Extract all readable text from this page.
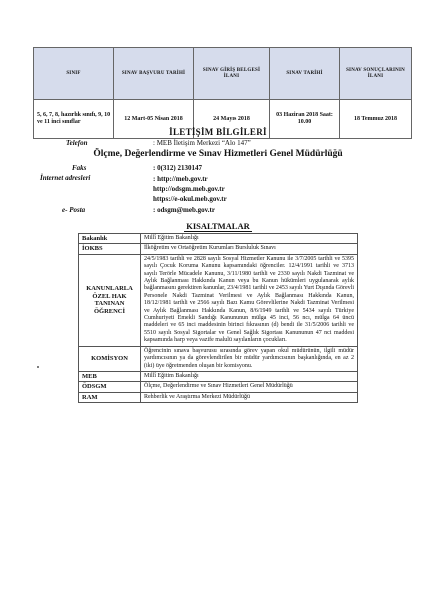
SINIF	SINAV BAŞVURU TARİHİ	SINAV GİRİŞ BELGESİ İLANI	SINAV TARİHİ	SINAV SONUÇLARININ İLANI
5, 6, 7, 8, hazırlık sınıfı, 9, 10 ve 11 inci sınıflar	12 Mart-05 Nisan 2018	24 Mayıs 2018	03 Haziran 2018 Saat: 10.00	18 Temmuz 2018
İLETİŞİM BİLGİLERİ
Telefon	: MEB İletişim Merkezi “Alo 147”
Ölçme, Değerlendirme ve Sınav Hizmetleri Genel Müdürlüğü
Faks	: 0(312) 2130147
İnternet adresleri	: http://meb.gov.tr
http://odsgm.meb.gov.tr
https://e-okul.meb.gov.tr
e- Posta	: odsgm@meb.gov.tr
KISALTMALAR
Bakanlık	Millî Eğitim Bakanlığı
İOKBS	İlköğretim ve Ortaöğretim Kurumları Bursluluk Sınavı
KANUNLARLA ÖZEL HAK TANINAN ÖĞRENCİ	24/5/1983 tarihli ve 2828 sayılı Sosyal Hizmetler Kanunu ile 3/7/2005 tarihli ve 5395 sayılı Çocuk Koruma Kanunu kapsamındaki öğrenciler. 12/4/1991 tarihli ve 3713 sayılı Terörle Mücadele Kanunu, 3/11/1980 tarihli ve 2330 sayılı Nakdi Tazminat ve Aylık Bağlanması Hakkında Kanun veya bu Kanun hükümleri uygulanarak aylık bağlanmasını gerektiren kanunlar, 23/4/1981 tarihli ve 2453 sayılı Yurt Dışında Görevli Personele Nakdi Tazminat Verilmesi ve Aylık Bağlanması Hakkında Kanun, 18/12/1981 tarihli ve 2566 sayılı Bazı Kamu Görevlilerine Nakdi Tazminat Verilmesi ve Aylık Bağlanması Hakkında Kanun, 8/6/1949 tarihli ve 5434 sayılı Türkiye Cumhuriyeti Emekli Sandığı Kanununun mülga 45 inci, 56 ncı, mülga 64 üncü maddeleri ve 65 inci maddesinin birinci fıkrasının (d) bendi ile 31/5/2006 tarihli ve 5510 sayılı Sosyal Sigortalar ve Genel Sağlık Sigortası Kanununun 47 nci maddesi kapsamında harp veya vazife malulü sayılanların çocukları.
KOMİSYON	Öğrencinin sınava başvurusu sırasında görev yapan okul müdürünün, ilgili müdür yardımcısının ya da görevlendirilen bir müdür yardımcısının başkanlığında, en az 2 (iki) üye öğretmenden oluşan bir komisyonu.
MEB	Millî Eğitim Bakanlığı
ÖDSGM	Ölçme, Değerlendirme ve Sınav Hizmetleri Genel Müdürlüğü
RAM	Rehberlik ve Araştırma Merkezi Müdürlüğü
